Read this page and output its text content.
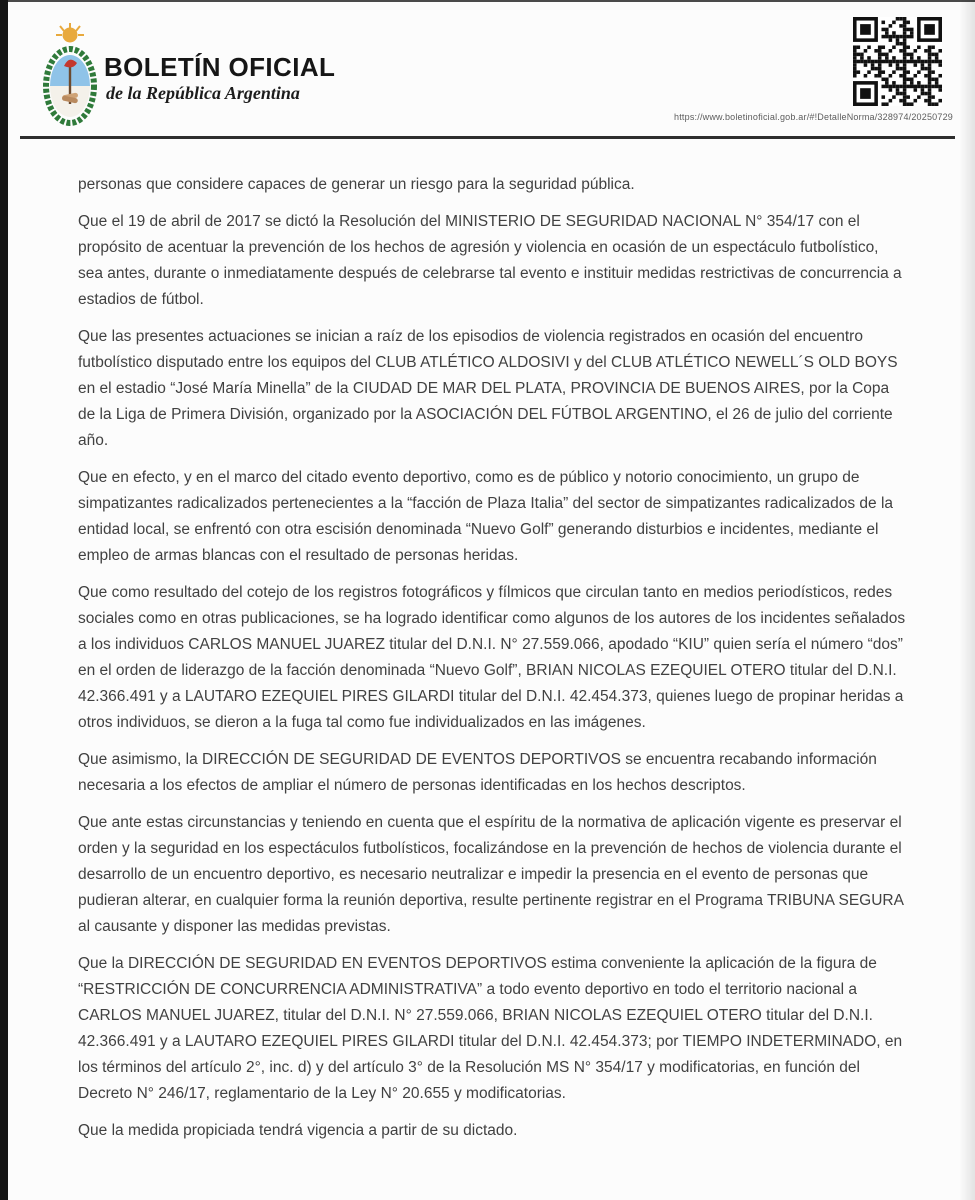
BOLETÍN OFICIAL
de la República Argentina
https://www.boletinoficial.gob.ar/#!DetalleNorma/328974/20250729

personas que considere capaces de generar un riesgo para la seguridad pública.

Que el 19 de abril de 2017 se dictó la Resolución del MINISTERIO DE SEGURIDAD NACIONAL N° 354/17 con el propósito de acentuar la prevención de los hechos de agresión y violencia en ocasión de un espectáculo futbolístico, sea antes, durante o inmediatamente después de celebrarse tal evento e instituir medidas restrictivas de concurrencia a estadios de fútbol.

Que las presentes actuaciones se inician a raíz de los episodios de violencia registrados en ocasión del encuentro futbolístico disputado entre los equipos del CLUB ATLÉTICO ALDOSIVI y del CLUB ATLÉTICO NEWELL´S OLD BOYS en el estadio “José María Minella” de la CIUDAD DE MAR DEL PLATA, PROVINCIA DE BUENOS AIRES, por la Copa de la Liga de Primera División, organizado por la ASOCIACIÓN DEL FÚTBOL ARGENTINO, el 26 de julio del corriente año.

Que en efecto, y en el marco del citado evento deportivo, como es de público y notorio conocimiento, un grupo de simpatizantes radicalizados pertenecientes a la “facción de Plaza Italia” del sector de simpatizantes radicalizados de la entidad local, se enfrentó con otra escisión denominada “Nuevo Golf” generando disturbios e incidentes, mediante el empleo de armas blancas con el resultado de personas heridas.

Que como resultado del cotejo de los registros fotográficos y fílmicos que circulan tanto en medios periodísticos, redes sociales como en otras publicaciones, se ha logrado identificar como algunos de los autores de los incidentes señalados a los individuos CARLOS MANUEL JUAREZ titular del D.N.I. N° 27.559.066, apodado “KIU” quien sería el número “dos” en el orden de liderazgo de la facción denominada “Nuevo Golf”, BRIAN NICOLAS EZEQUIEL OTERO titular del D.N.I. 42.366.491 y a LAUTARO EZEQUIEL PIRES GILARDI titular del D.N.I. 42.454.373, quienes luego de propinar heridas a otros individuos, se dieron a la fuga tal como fue individualizados en las imágenes.

Que asimismo, la DIRECCIÓN DE SEGURIDAD DE EVENTOS DEPORTIVOS se encuentra recabando información necesaria a los efectos de ampliar el número de personas identificadas en los hechos descriptos.

Que ante estas circunstancias y teniendo en cuenta que el espíritu de la normativa de aplicación vigente es preservar el orden y la seguridad en los espectáculos futbolísticos, focalizándose en la prevención de hechos de violencia durante el desarrollo de un encuentro deportivo, es necesario neutralizar e impedir la presencia en el evento de personas que pudieran alterar, en cualquier forma la reunión deportiva, resulte pertinente registrar en el Programa TRIBUNA SEGURA al causante y disponer las medidas previstas.

Que la DIRECCIÓN DE SEGURIDAD EN EVENTOS DEPORTIVOS estima conveniente la aplicación de la figura de “RESTRICCIÓN DE CONCURRENCIA ADMINISTRATIVA” a todo evento deportivo en todo el territorio nacional a CARLOS MANUEL JUAREZ, titular del D.N.I. N° 27.559.066, BRIAN NICOLAS EZEQUIEL OTERO titular del D.N.I. 42.366.491 y a LAUTARO EZEQUIEL PIRES GILARDI titular del D.N.I. 42.454.373; por TIEMPO INDETERMINADO, en los términos del artículo 2°, inc. d) y del artículo 3° de la Resolución MS N° 354/17 y modificatorias, en función del Decreto N° 246/17, reglamentario de la Ley N° 20.655 y modificatorias.

Que la medida propiciada tendrá vigencia a partir de su dictado.
